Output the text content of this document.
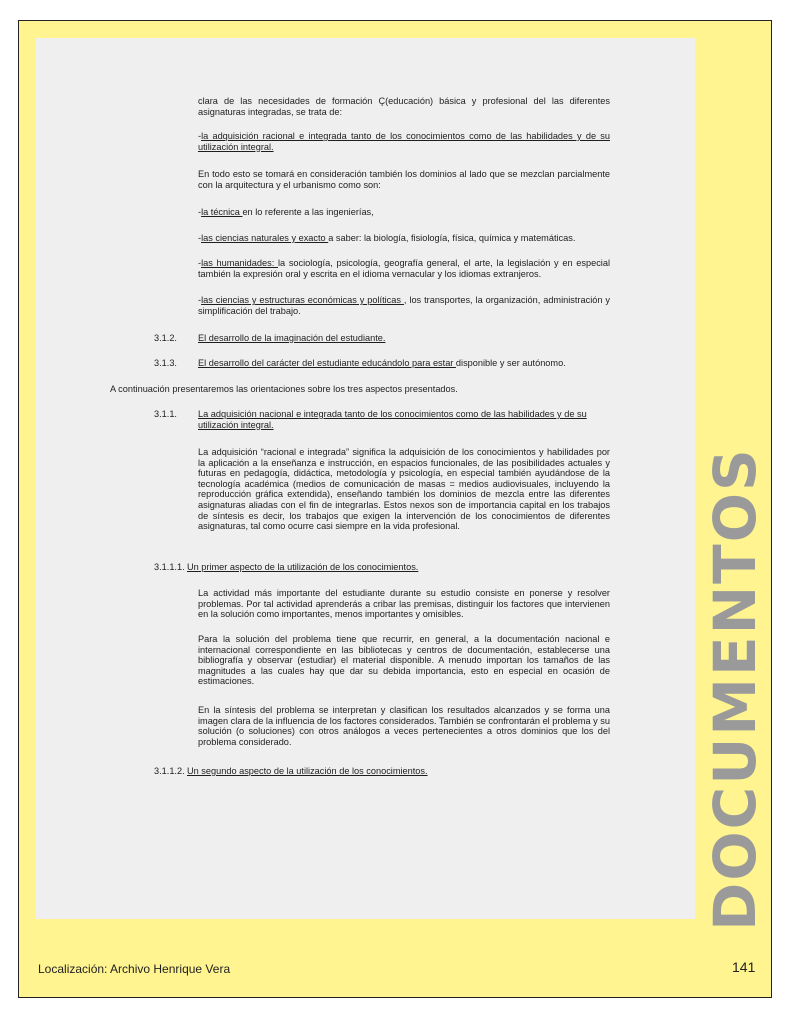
DOCUMENTOS

clara de las necesidades de formación Ç(educación) básica y profesional del las diferentes asignaturas integradas, se trata de:

-la adquisición racional e integrada tanto de los conocimientos como de las habilidades y de su utilización integral.

En todo esto se tomará en consideración también los dominios al lado que se mezclan parcialmente con la arquitectura y el urbanismo como son:

-la técnica en lo referente a las ingenierías,

-las ciencias naturales y exacto a saber: la biología, fisiología, física, química y matemáticas.

-las humanidades: la sociología, psicología, geografía general, el arte, la legislación y en especial también la expresión oral y escrita en el idioma vernacular y los idiomas extranjeros.

-las ciencias y estructuras económicas y políticas , los transportes, la organización, administración y simplificación del trabajo.

3.1.2. El desarrollo de la imaginación del estudiante.

3.1.3. El desarrollo del carácter del estudiante educándolo para estar disponible y ser autónomo.

A continuación presentaremos las orientaciones sobre los tres aspectos presentados.

3.1.1. La adquisición nacional e integrada tanto de los conocimientos como de las habilidades y de su utilización integral.

La adquisición “racional e integrada” significa la adquisición de los conocimientos y habilidades por la aplicación a la enseñanza e instrucción, en espacios funcionales, de las posibilidades actuales y futuras en pedagogía, didáctica, metodología y psicología, en especial también ayudándose de la tecnología académica (medios de comunicación de masas = medios audiovisuales, incluyendo la reproducción gráfica extendida), enseñando también los dominios de mezcla entre las diferentes asignaturas aliadas con el fin de integrarlas. Estos nexos son de importancia capital en los trabajos de síntesis es decir, los trabajos que exigen la intervención de los conocimientos de diferentes asignaturas, tal como ocurre casi siempre en la vida profesional.

3.1.1.1. Un primer aspecto de la utilización de los conocimientos.

La actividad más importante del estudiante durante su estudio consiste en ponerse y resolver problemas. Por tal actividad aprenderás a cribar las premisas, distinguir los factores que intervienen en la solución como importantes, menos importantes y omisibles.

Para la solución del problema tiene que recurrir, en general, a la documentación nacional e internacional correspondiente en las bibliotecas y centros de documentación, establecerse una bibliografía y observar (estudiar) el material disponible. A menudo importan los tamaños de las magnitudes a las cuales hay que dar su debida importancia, esto en especial en ocasión de estimaciones.

En la síntesis del problema se interpretan y clasifican los resultados alcanzados y se forma una imagen clara de la influencia de los factores considerados. También se confrontarán el problema y su solución (o soluciones) con otros análogos a veces pertenecientes a otros dominios que los del problema considerado.

3.1.1.2. Un segundo aspecto de la utilización de los conocimientos.

Localización: Archivo Henrique Vera	141
